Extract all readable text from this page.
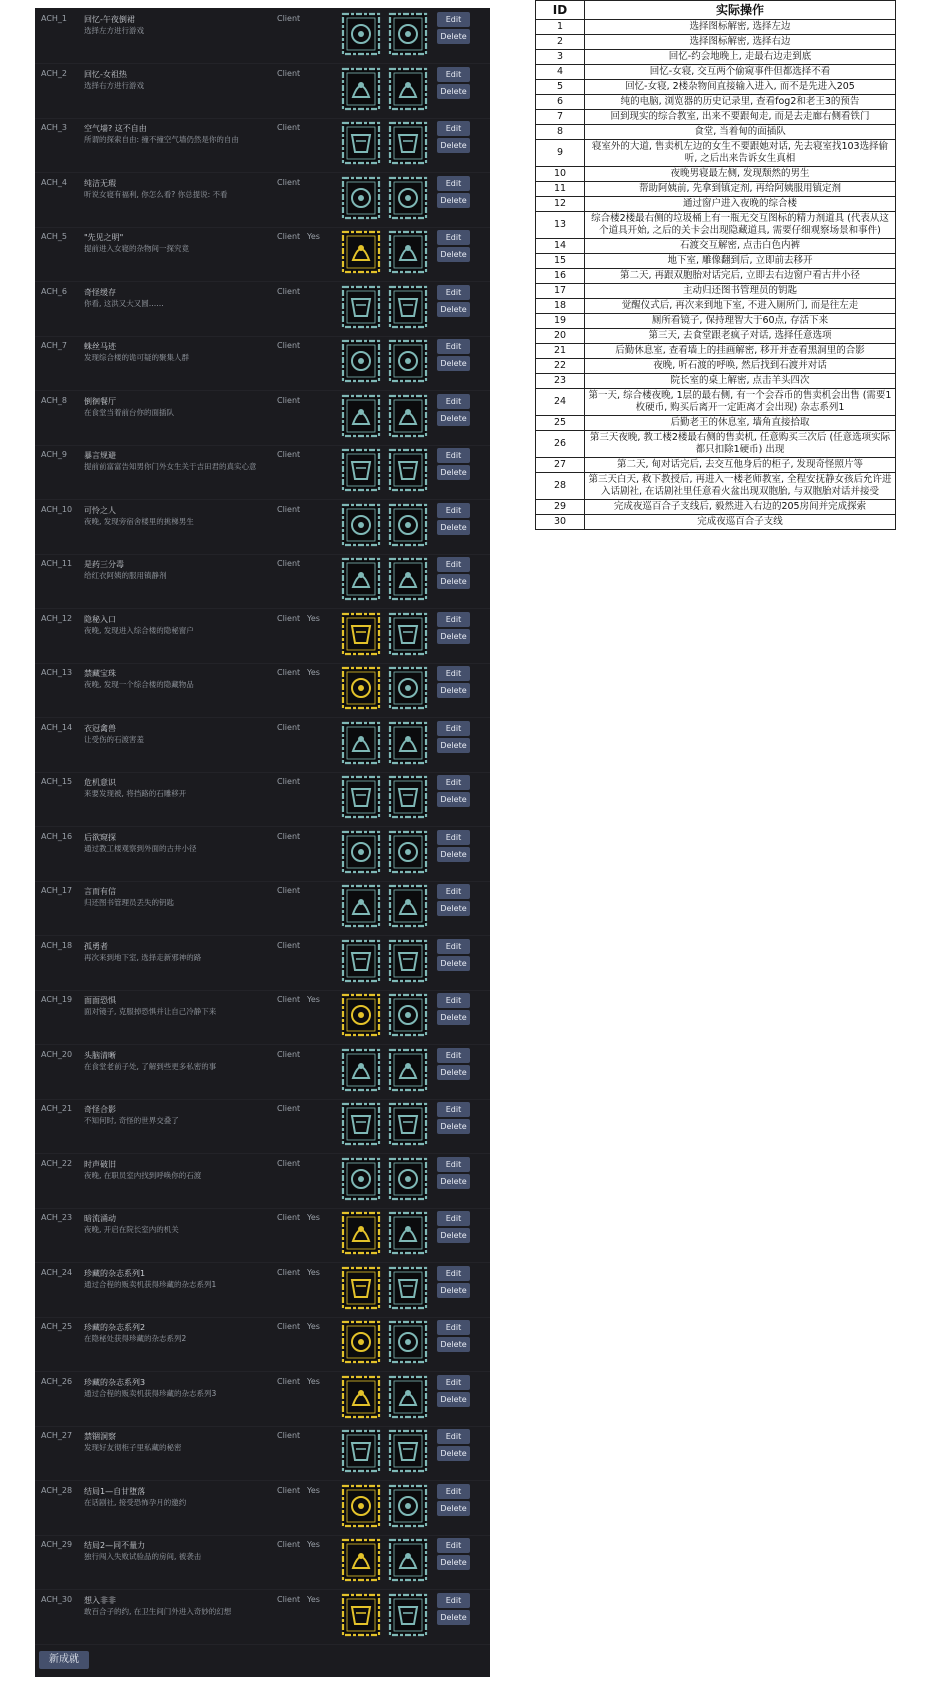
ACH_1 回忆-午夜倒裙
选择左方进行游戏
Client	Edit
Delete
ACH_2 回忆-女祖热
选择右方进行游戏
Client	Edit
Delete
ACH_3 空气墙? 这不自由
所谓的探索自由: 撞不撞空气墙仍然是你的自由
Client	Edit
Delete
ACH_4 纯洁无瑕
听说女寝有福利, 你怎么看? 你总提说: 不看
Client	Edit
Delete
ACH_5 "先见之明"
提前进入女寝的杂物间一探究竟
Client Yes	Edit
Delete
ACH_6 奇怪缓存
你看, 这洪又大又圆……
Client	Edit
Delete
ACH_7 蛛丝马迹
发现综合楼的诡可疑的聚集人群
Client	Edit
Delete
ACH_8 倒徊餐厅
在食堂当着前台你的面插队
Client	Edit
Delete
ACH_9 暴言规避
提前前富富告知男你门外女生关于吉田君的真实心意
Client	Edit
Delete
ACH_10 可怜之人
夜晚, 发现旁宿舍楼里的挑梯男生
Client	Edit
Delete
ACH_11 是药三分毒
给红衣阿姨的服用镇静剂
Client	Edit
Delete
ACH_12 隐秘入口
夜晚, 发现进入综合楼的隐秘窗户
Client Yes	Edit
Delete
ACH_13 禁藏宝珠
夜晚, 发现一个综合楼的隐藏物品
Client Yes	Edit
Delete
ACH_14 衣冠禽兽
让受伤的石渡害羞
Client	Edit
Delete
ACH_15 危机意识
来要发现被, 将挡路的石雕移开
Client	Edit
Delete
ACH_16 后欲窥探
通过教工楼观察到外面的古井小径
Client	Edit
Delete
ACH_17 言而有信
归还图书管理员丢失的钥匙
Client	Edit
Delete
ACH_18 孤勇者
再次来到地下室, 选择走新邪神的路
Client	Edit
Delete
ACH_19 面面恐惧
面对镜子, 克服掉恐惧并让自己冷静下来
Client Yes	Edit
Delete
ACH_20 头脑清晰
在食堂老前子处, 了解到些更多私密的事
Client	Edit
Delete
ACH_21 奇怪合影
不知何时, 奇怪的世界交叠了
Client	Edit
Delete
ACH_22 时声破旧
夜晚, 在职员室内找到呼唤你的石渡
Client	Edit
Delete
ACH_23 暗流涌动
夜晚, 开启在院长室内的机关
Client Yes	Edit
Delete
ACH_24 珍藏的杂志系列1
通过合程的贩卖机获得珍藏的杂志系列1
Client Yes	Edit
Delete
ACH_25 珍藏的杂志系列2
在隐秘处获得珍藏的杂志系列2
Client Yes	Edit
Delete
ACH_26 珍藏的杂志系列3
通过合程的贩卖机获得珍藏的杂志系列3
Client Yes	Edit
Delete
ACH_27 禁锢洞察
发现好友彻柜子里私藏的秘密
Client	Edit
Delete
ACH_28 结局1—自甘堕落
在话剧社, 接受恐怖孕月的邀约
Client Yes	Edit
Delete
ACH_29 结局2—同不量力
独行闯入失败试验品的房间, 被袭击
Client Yes	Edit
Delete
ACH_30 想入非非
敢百合子的约, 在卫生间门外进入奇妙的幻想
Client Yes	Edit
Delete
新成就
ID	实际操作
1	选择图标解密, 选择左边
2	选择图标解密, 选择右边
3	回忆-约会地晚上, 走最右边走到底
4	回忆-女寝, 交互两个偷窥事件但都选择不看
5	回忆-女寝, 2楼杂物间直接输入进入, 而不是先进入205
6	纯的电脑, 浏览器的历史记录里, 查看fog2和老王3的预告
7	回到现实的综合教室, 出来不要跟甸走, 而是去走廊右侧看铁门
8	食堂, 当着甸的面插队
9	寝室外的大道, 售卖机左边的女生不要跟她对话, 先去寝室找103选择偷听, 之后出来告诉女生真相
10	夜晚男寝最左侧, 发现颓然的男生
11	帮助阿姨前, 先拿到镇定剂, 再给阿姨服用镇定剂
12	通过窗户进入夜晚的综合楼
13	综合楼2楼最右侧的垃圾桶上有一瓶无交互图标的精力剂道具 (代表从这个道具开始, 之后的关卡会出现隐藏道具, 需要仔细观察场景和事件)
14	石渡交互解密, 点击白色内裤
15	地下室, 雕像翻到后, 立即前去移开
16	第二天, 再跟双胞胎对话完后, 立即去右边窗户看古井小径
17	主动归还图书管理员的钥匙
18	觉醒仪式后, 再次来到地下室, 不进入厕所门, 而是往左走
19	厕所看镜子, 保持理智大于60点, 存活下来
20	第三天, 去食堂跟老疯子对话, 选择任意选项
21	后勤休息室, 查看墙上的挂画解密, 移开并查看黑洞里的合影
22	夜晚, 听石渡的呼唤, 然后找到石渡并对话
23	院长室的桌上解密, 点击羊头四次
24	第一天, 综合楼夜晚, 1层的最右侧, 有一个会吞币的售卖机会出售 (需要1枚硬币, 购买后离开一定距离才会出现) 杂志系列1
25	后勤老王的休息室, 墙角直接拾取
26	第三天夜晚, 教工楼2楼最右侧的售卖机, 任意购买三次后 (任意选项实际都只扣除1硬币) 出现
27	第二天, 甸对话完后, 去交互他身后的柜子, 发现奇怪照片等
28	第三天白天, 救下教授后, 再进入一楼老师教室, 全程安抚静女孩后允许进入话剧社, 在话剧社里任意看火盆出现双胞胎, 与双胞胎对话并接受
29	完成夜巡百合子支线后, 毅然进入右边的205房间并完成探索
30	完成夜巡百合子支线
